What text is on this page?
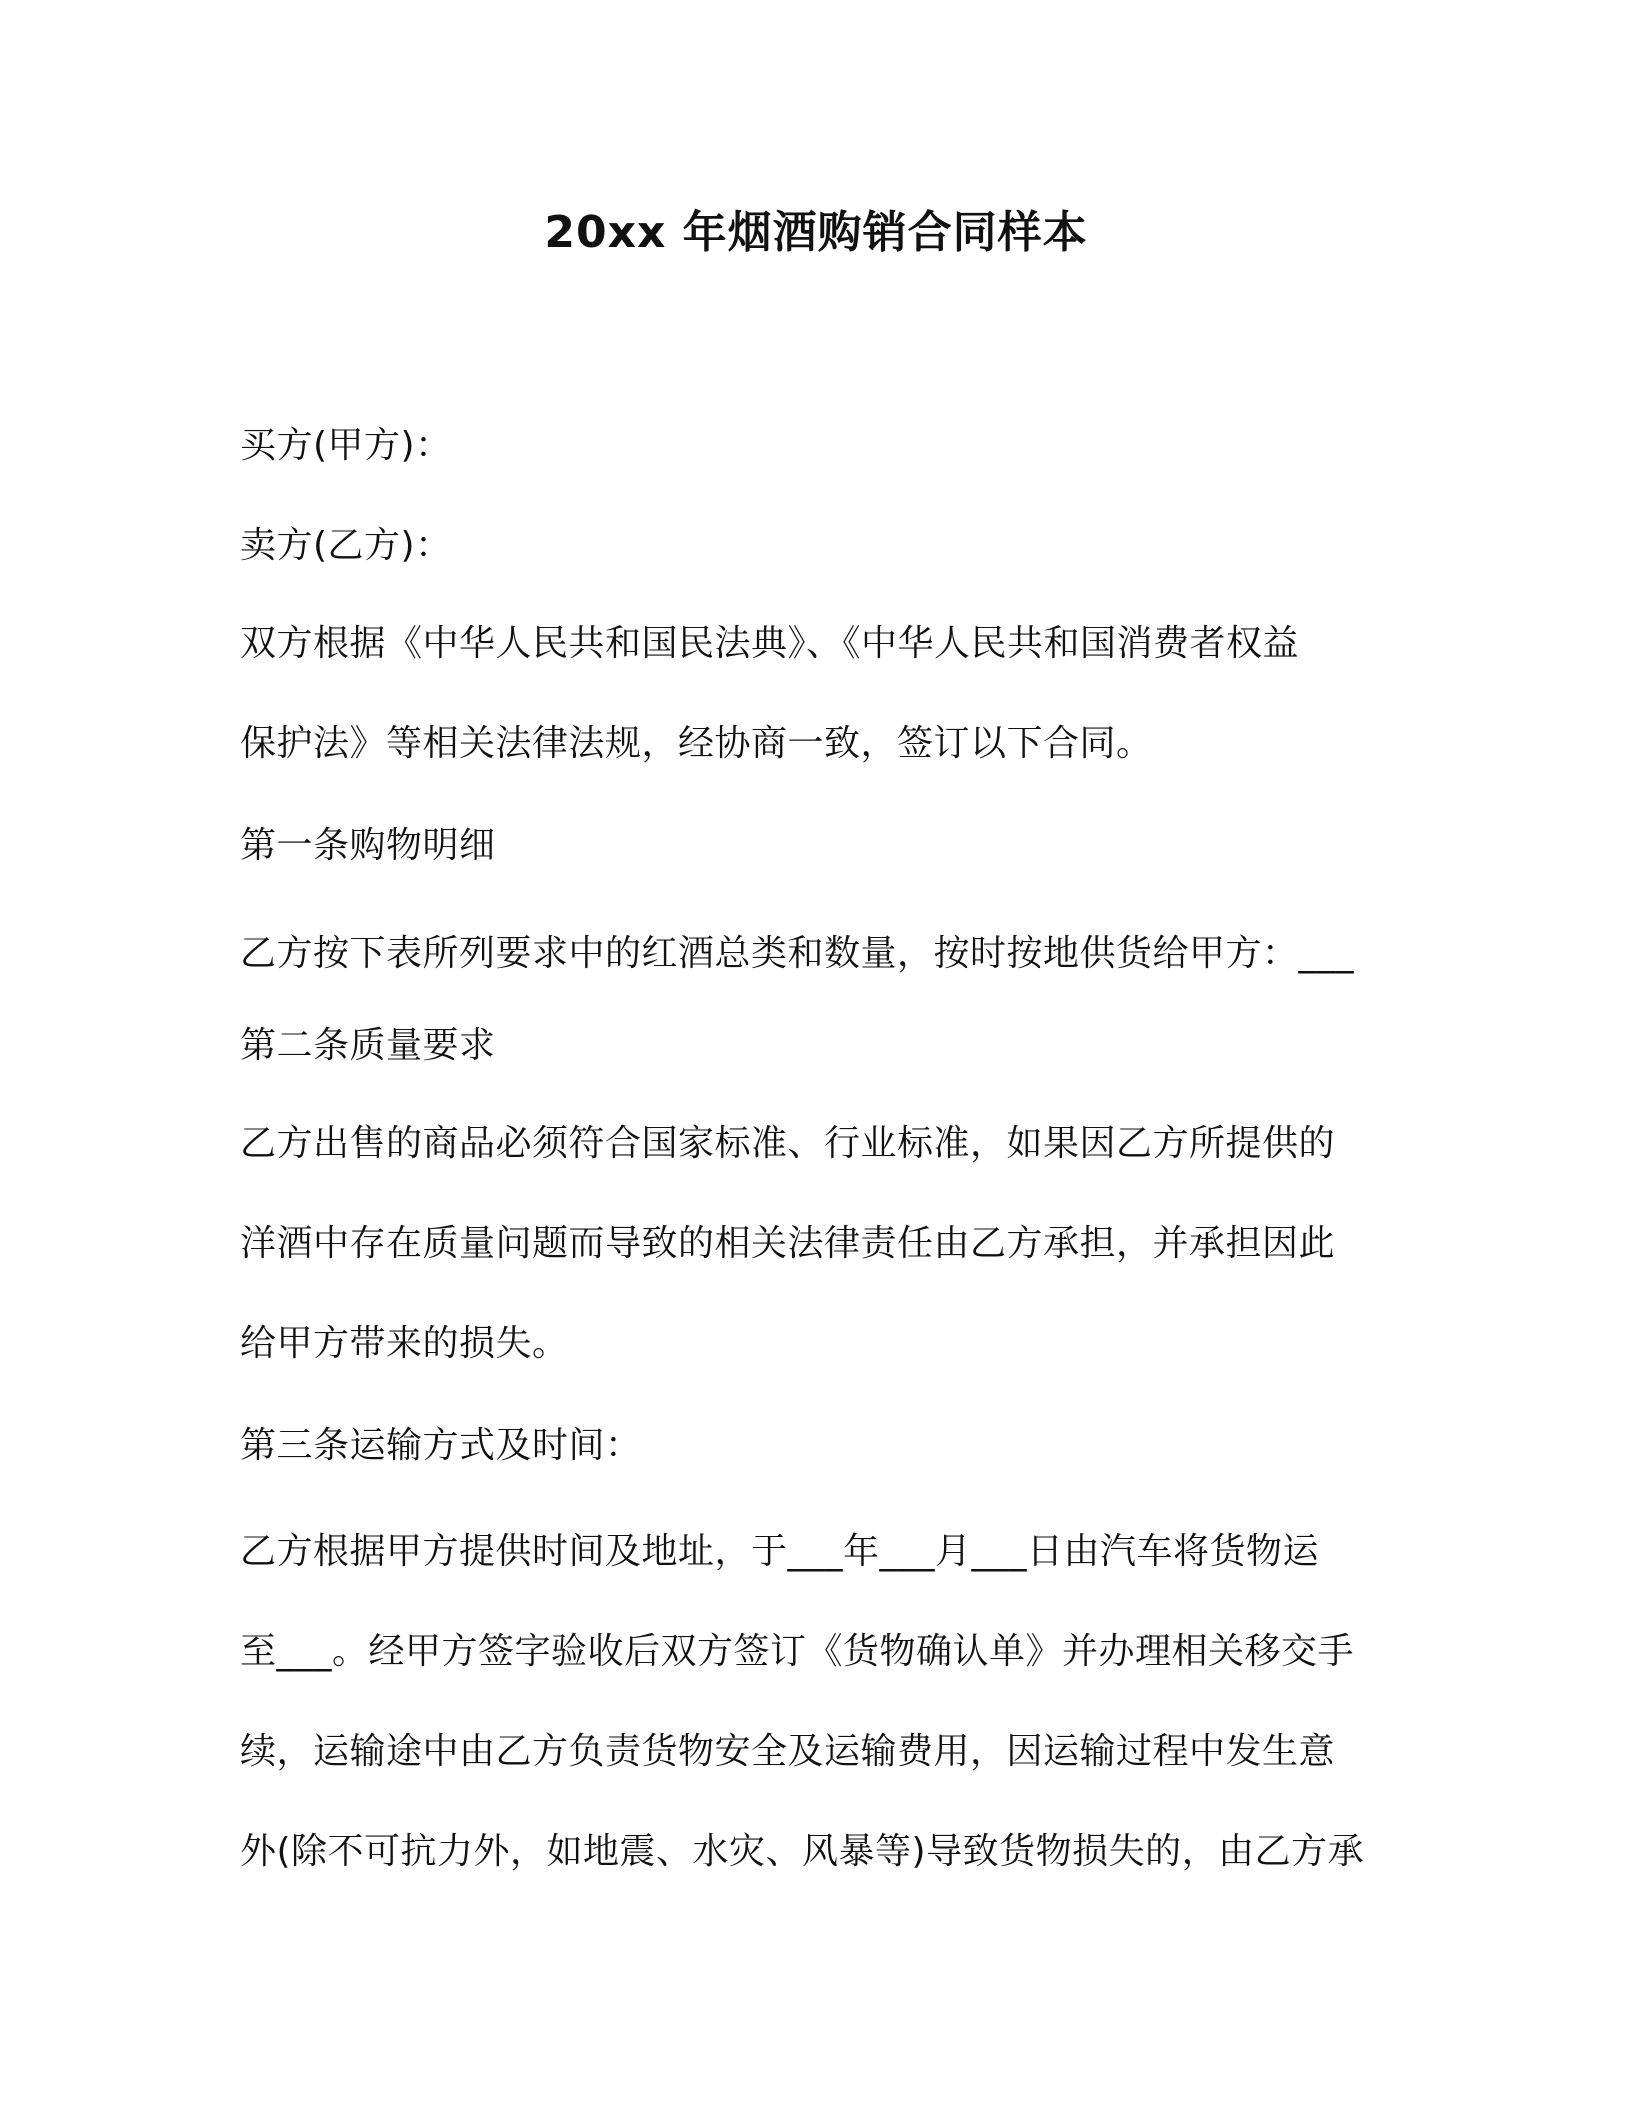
20xx 年烟酒购销合同样本
买方(甲方)：
卖方(乙方)：
双方根据《中华人民共和国民法典》、《中华人民共和国消费者权益
保护法》等相关法律法规，经协商一致，签订以下合同。
第一条购物明细
乙方按下表所列要求中的红酒总类和数量，按时按地供货给甲方：___
第二条质量要求
乙方出售的商品必须符合国家标准、行业标准，如果因乙方所提供的
洋酒中存在质量问题而导致的相关法律责任由乙方承担，并承担因此
给甲方带来的损失。
第三条运输方式及时间：
乙方根据甲方提供时间及地址，于___年___月___日由汽车将货物运
至___。经甲方签字验收后双方签订《货物确认单》并办理相关移交手
续，运输途中由乙方负责货物安全及运输费用，因运输过程中发生意
外(除不可抗力外，如地震、水灾、风暴等)导致货物损失的，由乙方承
